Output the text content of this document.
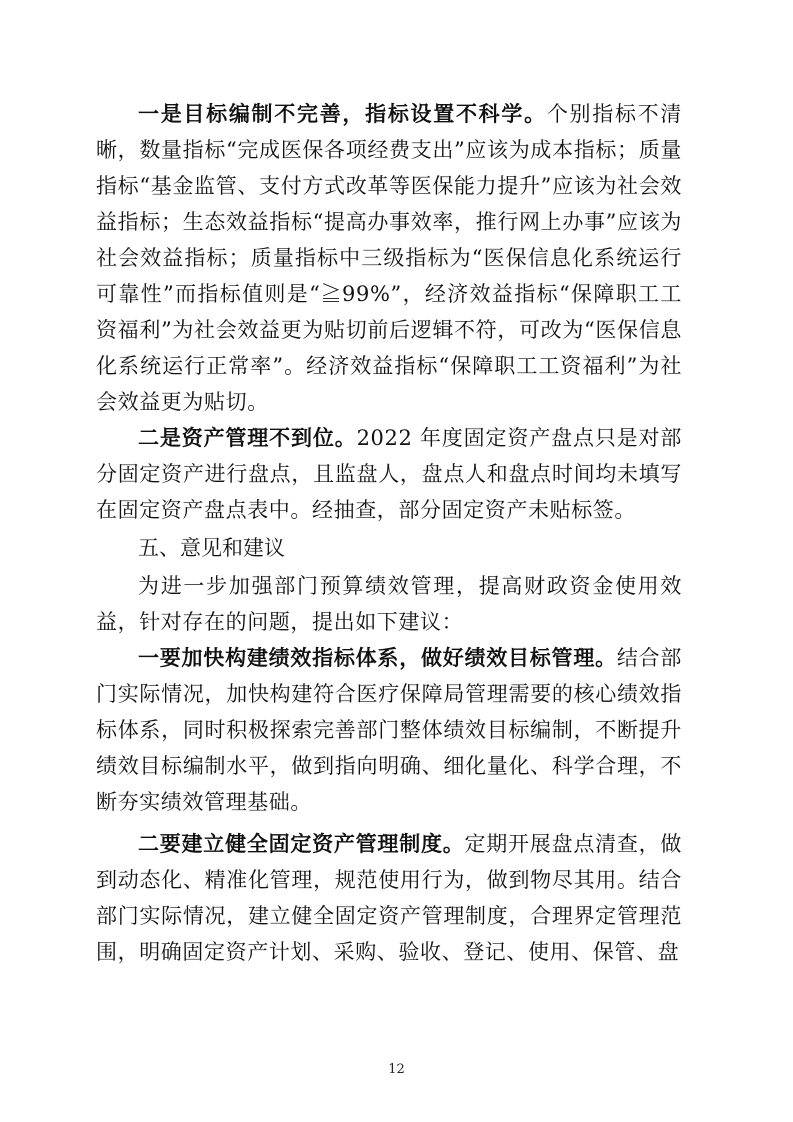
一是目标编制不完善，指标设置不科学。个别指标不清晰，数量指标“完成医保各项经费支出”应该为成本指标；质量指标“基金监管、支付方式改革等医保能力提升”应该为社会效益指标；生态效益指标“提高办事效率，推行网上办事”应该为社会效益指标；质量指标中三级指标为“医保信息化系统运行可靠性”而指标值则是“≧99%”，经济效益指标“保障职工工资福利”为社会效益更为贴切前后逻辑不符，可改为“医保信息化系统运行正常率”。经济效益指标“保障职工工资福利”为社会效益更为贴切。

二是资产管理不到位。2022 年度固定资产盘点只是对部分固定资产进行盘点，且监盘人，盘点人和盘点时间均未填写在固定资产盘点表中。经抽查，部分固定资产未贴标签。

五、意见和建议

为进一步加强部门预算绩效管理，提高财政资金使用效益，针对存在的问题，提出如下建议：

一要加快构建绩效指标体系，做好绩效目标管理。结合部门实际情况，加快构建符合医疗保障局管理需要的核心绩效指标体系，同时积极探索完善部门整体绩效目标编制，不断提升绩效目标编制水平，做到指向明确、细化量化、科学合理，不断夯实绩效管理基础。

二要建立健全固定资产管理制度。定期开展盘点清查，做到动态化、精准化管理，规范使用行为，做到物尽其用。结合部门实际情况，建立健全固定资产管理制度，合理界定管理范围，明确固定资产计划、采购、验收、登记、使用、保管、盘

12
